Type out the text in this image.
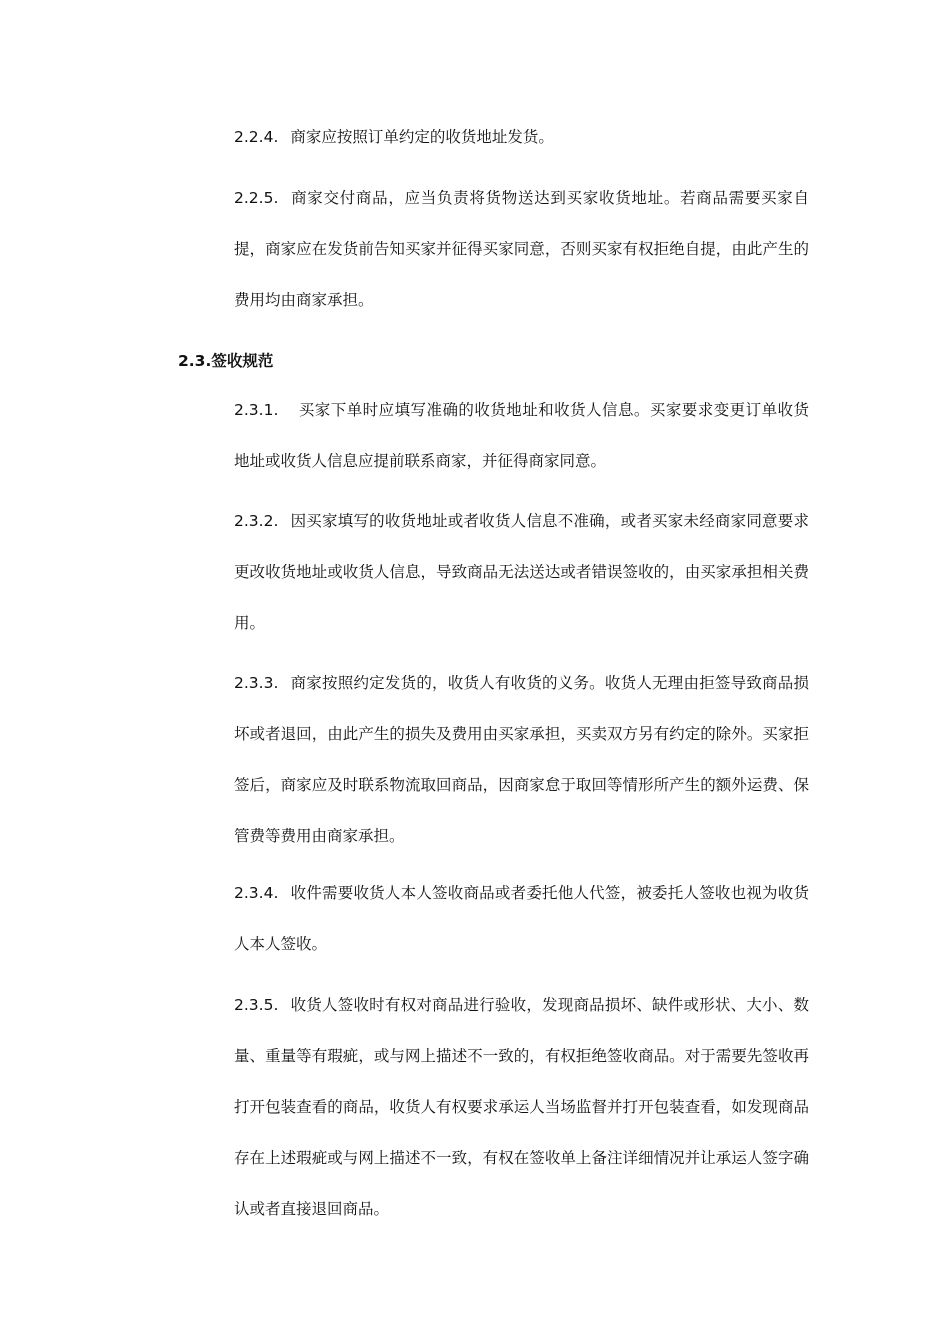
2.2.4. 商家应按照订单约定的收货地址发货。

2.2.5. 商家交付商品，应当负责将货物送达到买家收货地址。若商品需要买家自提，商家应在发货前告知买家并征得买家同意，否则买家有权拒绝自提，由此产生的费用均由商家承担。

2.3.签收规范

2.3.1. 买家下单时应填写准确的收货地址和收货人信息。买家要求变更订单收货地址或收货人信息应提前联系商家，并征得商家同意。

2.3.2. 因买家填写的收货地址或者收货人信息不准确，或者买家未经商家同意要求更改收货地址或收货人信息，导致商品无法送达或者错误签收的，由买家承担相关费用。

2.3.3. 商家按照约定发货的，收货人有收货的义务。收货人无理由拒签导致商品损坏或者退回，由此产生的损失及费用由买家承担，买卖双方另有约定的除外。买家拒签后，商家应及时联系物流取回商品，因商家怠于取回等情形所产生的额外运费、保管费等费用由商家承担。

2.3.4. 收件需要收货人本人签收商品或者委托他人代签，被委托人签收也视为收货人本人签收。

2.3.5. 收货人签收时有权对商品进行验收，发现商品损坏、缺件或形状、大小、数量、重量等有瑕疵，或与网上描述不一致的，有权拒绝签收商品。对于需要先签收再打开包装查看的商品，收货人有权要求承运人当场监督并打开包装查看，如发现商品存在上述瑕疵或与网上描述不一致，有权在签收单上备注详细情况并让承运人签字确认或者直接退回商品。
